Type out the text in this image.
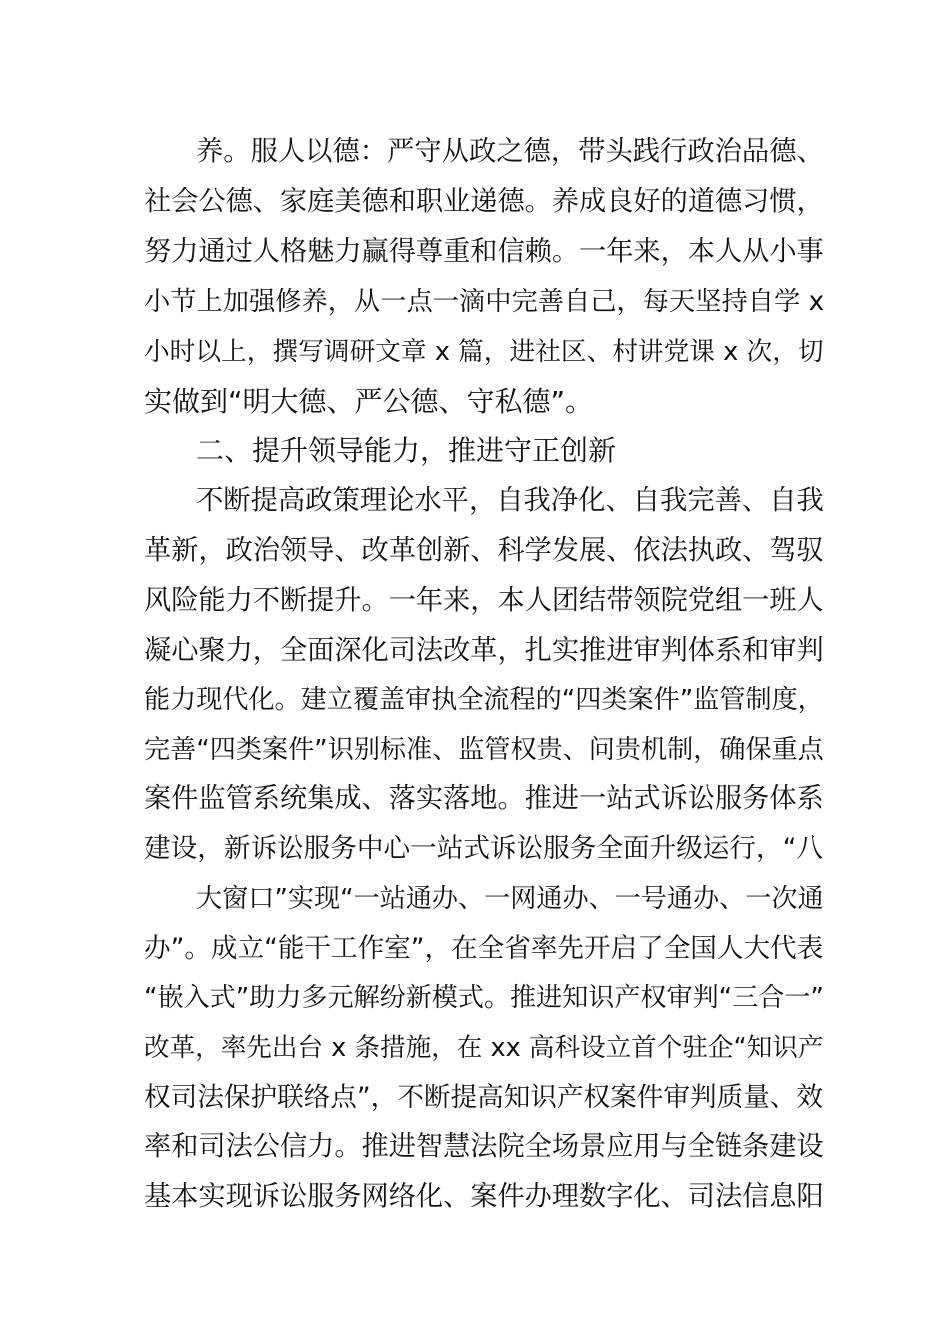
养。服人以德：严守从政之德，带头践行政治品德、
社会公德、家庭美德和职业递德。养成良好的道德习惯，
努力通过人格魅力赢得尊重和信赖。一年来，本人从小事
小节上加强修养，从一点一滴中完善自己，每天坚持自学 x
小时以上，撰写调研文章 x 篇，进社区、村讲党课 x 次，切
实做到“明大德、严公德、守私德”。
二、提升领导能力，推进守正创新
不断提高政策理论水平，自我净化、自我完善、自我
革新，政治领导、改革创新、科学发展、依法执政、驾驭
风险能力不断提升。一年来，本人团结带领院党组一班人
凝心聚力，全面深化司法改革，扎实推进审判体系和审判
能力现代化。建立覆盖审执全流程的“四类案件”监管制度，
完善“四类案件”识别标准、监管权贵、问贵机制，确保重点
案件监管系统集成、落实落地。推进一站式诉讼服务体系
建设，新诉讼服务中心一站式诉讼服务全面升级运行，“八
大窗口”实现“一站通办、一网通办、一号通办、一次通
办”。成立“能干工作室”，在全省率先开启了全国人大代表
“嵌入式”助力多元解纷新模式。推进知识产权审判“三合一”
改革，率先出台 x 条措施，在 xx 高科设立首个驻企“知识产
权司法保护联络点”，不断提高知识产权案件审判质量、效
率和司法公信力。推进智慧法院全场景应用与全链条建设
基本实现诉讼服务网络化、案件办理数字化、司法信息阳
